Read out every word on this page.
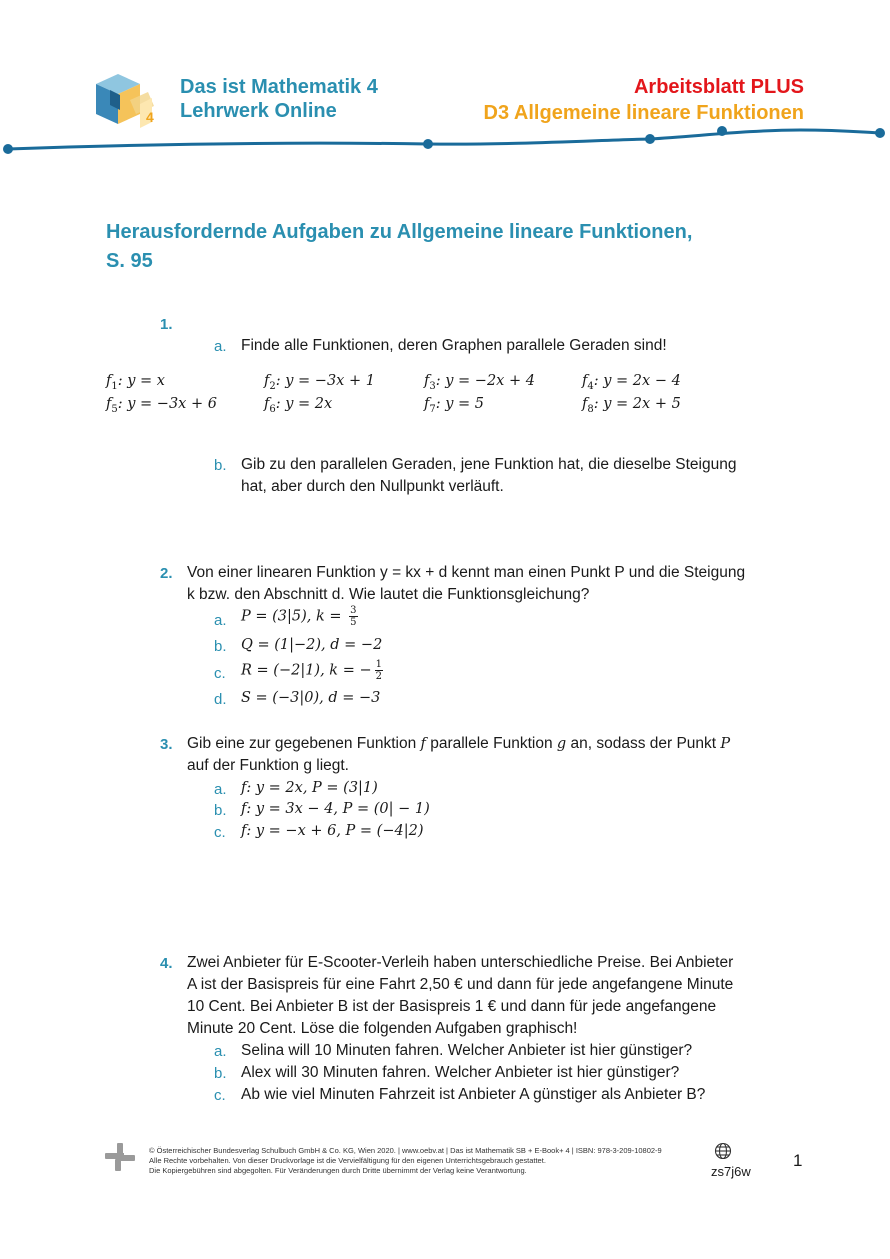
4
Das ist Mathematik 4
Lehrwerk Online
Arbeitsblatt PLUS
D3 Allgemeine lineare Funktionen
Herausfordernde Aufgaben zu Allgemeine lineare Funktionen,
S. 95
1.
a. Finde alle Funktionen, deren Graphen parallele Geraden sind!
$f_1$: y = x	$f_2$: y = −3x + 1	$f_3$: y = −2x + 4	$f_4$: y = 2x − 4
$f_5$: y = −3x + 6	$f_6$: y = 2x	$f_7$: y = 5	$f_8$: y = 2x + 5
b. Gib zu den parallelen Geraden, jene Funktion hat, die dieselbe Steigung
hat, aber durch den Nullpunkt verläuft.
2. Von einer linearen Funktion y = kx + d kennt man einen Punkt P und die Steigung
k bzw. den Abschnitt d. Wie lautet die Funktionsgleichung?
a. P = (3|5), $k = \frac{3}{5}$
b. Q = (1|−2), d = −2
c. R = (−2|1), k = − $\frac{1}{2}$
d. S = (−3|0), d = −3
3. Gib eine zur gegebenen Funktion f parallele Funktion g an, sodass der Punkt P
auf der Funktion g liegt.
a. f: y = 2x, P = (3|1)
b. f: y = 3x − 4, P = (0| − 1)
c. f: y = −x + 6, P = (−4|2)
4. Zwei Anbieter für E-Scooter-Verleih haben unterschiedliche Preise. Bei Anbieter
A ist der Basispreis für eine Fahrt 2,50 € und dann für jede angefangene Minute
10 Cent. Bei Anbieter B ist der Basispreis 1 € und dann für jede angefangene
Minute 20 Cent. Löse die folgenden Aufgaben graphisch!
a. Selina will 10 Minuten fahren. Welcher Anbieter ist hier günstiger?
b. Alex will 30 Minuten fahren. Welcher Anbieter ist hier günstiger?
c. Ab wie viel Minuten Fahrzeit ist Anbieter A günstiger als Anbieter B?
© Österreichischer Bundesverlag Schulbuch GmbH & Co. KG, Wien 2020. | www.oebv.at | Das ist Mathematik SB + E-Book+ 4 | ISBN: 978-3-209-10802-9
Alle Rechte vorbehalten. Von dieser Druckvorlage ist die Vervielfältigung für den eigenen Unterrichtsgebrauch gestattet.
Die Kopiergebühren sind abgegolten. Für Veränderungen durch Dritte übernimmt der Verlag keine Verantwortung.	zs7j6w
1
